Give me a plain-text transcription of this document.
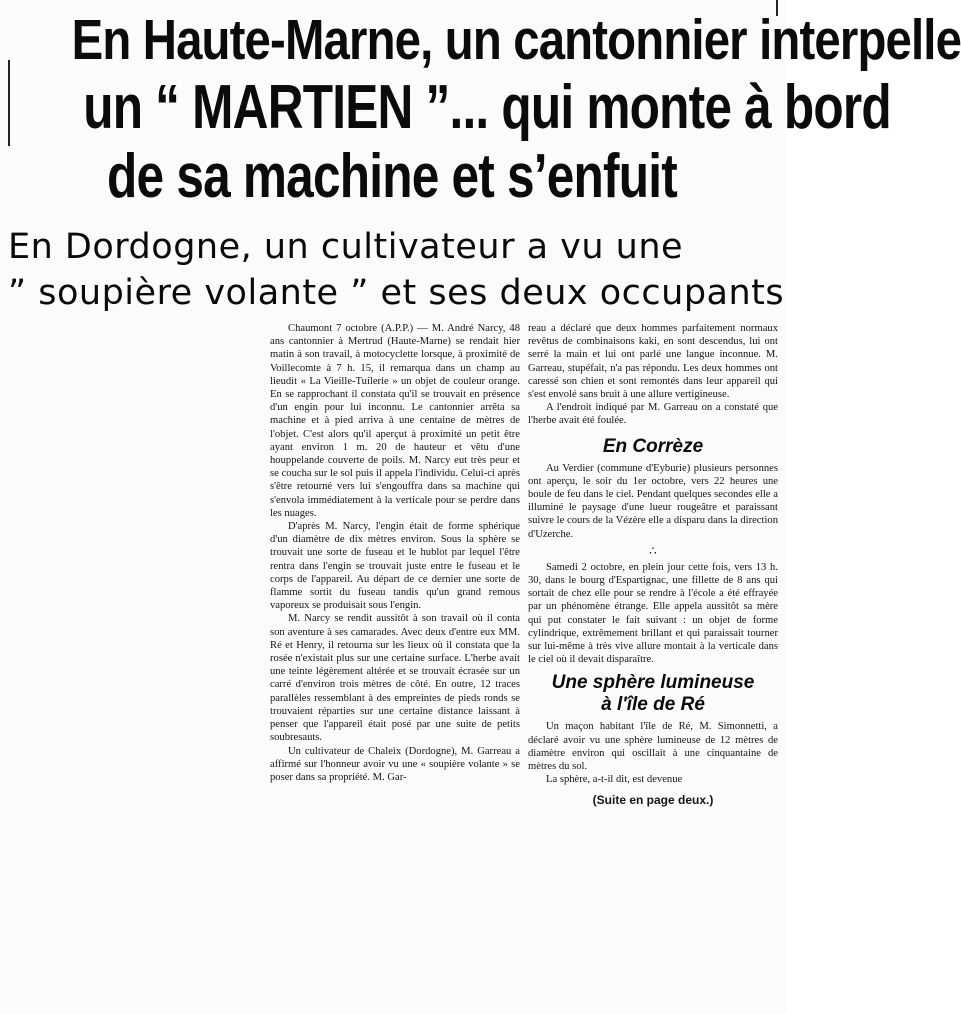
En Haute-Marne, un cantonnier interpelle
un “ MARTIEN ”... qui monte à bord
de sa machine et s’enfuit
En Dordogne, un cultivateur a vu une
” soupière volante ” et ses deux occupants

Chaumont 7 octobre (A.P.P.) — M. André Narcy, 48 ans cantonnier à Mertrud (Haute-Marne) se rendait hier matin à son travail, à motocyclette lorsque, à proximité de Voillecomte à 7 h. 15, il remarqua dans un champ au lieudit « La Vieille-Tuilerie » un objet de couleur orange. En se rapprochant il constata qu'il se trouvait en présence d'un engin pour lui inconnu. Le cantonnier arrêta sa machine et à pied arriva à une centaine de mètres de l'objet. C'est alors qu'il aperçut à proximité un petit être ayant environ 1 m. 20 de hauteur et vêtu d'une houppelande couverte de poils. M. Narcy eut très peur et se coucha sur le sol puis il appela l'individu. Celui-ci après s'être retourné vers lui s'engouffra dans sa machine qui s'envola immédiatement à la verticale pour se perdre dans les nuages.

D'après M. Narcy, l'engin était de forme sphérique d'un diamètre de dix mètres environ. Sous la sphère se trouvait une sorte de fuseau et le hublot par lequel l'être rentra dans l'engin se trouvait juste entre le fuseau et le corps de l'appareil. Au départ de ce dernier une sorte de flamme sortit du fuseau tandis qu'un grand remous vaporeux se produisait sous l'engin.

M. Narcy se rendit aussitôt à son travail où il conta son aventure à ses camarades. Avec deux d'entre eux MM. Ré et Henry, il retourna sur les lieux où il constata que la rosée n'existait plus sur une certaine surface. L'herbe avait une teinte légèrement altérée et se trouvait écrasée sur un carré d'environ trois mètres de côté. En outre, 12 traces parallèles ressemblant à des empreintes de pieds ronds se trouvaient réparties sur une certaine distance laissant à penser que l'appareil était posé par une suite de petits soubresauts.

Un cultivateur de Chaleix (Dordogne), M. Garreau a affirmé sur l'honneur avoir vu une « soupière volante » se poser dans sa propriété. M. Gar-

reau a déclaré que deux hommes parfaitement normaux revêtus de combinaisons kaki, en sont descendus, lui ont serré la main et lui ont parlé une langue inconnue. M. Garreau, stupéfait, n'a pas répondu. Les deux hommes ont caressé son chien et sont remontés dans leur appareil qui s'est envolé sans bruit à une allure vertigineuse.

A l'endroit indiqué par M. Garreau on a constaté que l'herbe avait été foulée.

En Corrèze

Au Verdier (commune d'Eyburie) plusieurs personnes ont aperçu, le soir du 1er octobre, vers 22 heures une boule de feu dans le ciel. Pendant quelques secondes elle a illuminé le paysage d'une lueur rougeâtre et paraissant suivre le cours de la Vézère elle a disparu dans la direction d'Uzerche.

∴

Samedi 2 octobre, en plein jour cette fois, vers 13 h. 30, dans le bourg d'Espartignac, une fillette de 8 ans qui sortait de chez elle pour se rendre à l'école a été effrayée par un phénomène étrange. Elle appela aussitôt sa mère qui put constater le fait suivant : un objet de forme cylindrique, extrêmement brillant et qui paraissait tourner sur lui-même à très vive allure montait à la verticale dans le ciel où il devait disparaître.

Une sphère lumineuse
à l'île de Ré

Un maçon habitant l'île de Ré, M. Simonnetti, a déclaré avoir vu une sphère lumineuse de 12 mètres de diamètre environ qui oscillait à une cinquantaine de mètres du sol.

La sphère, a-t-il dit, est devenue

(Suite en page deux.)
